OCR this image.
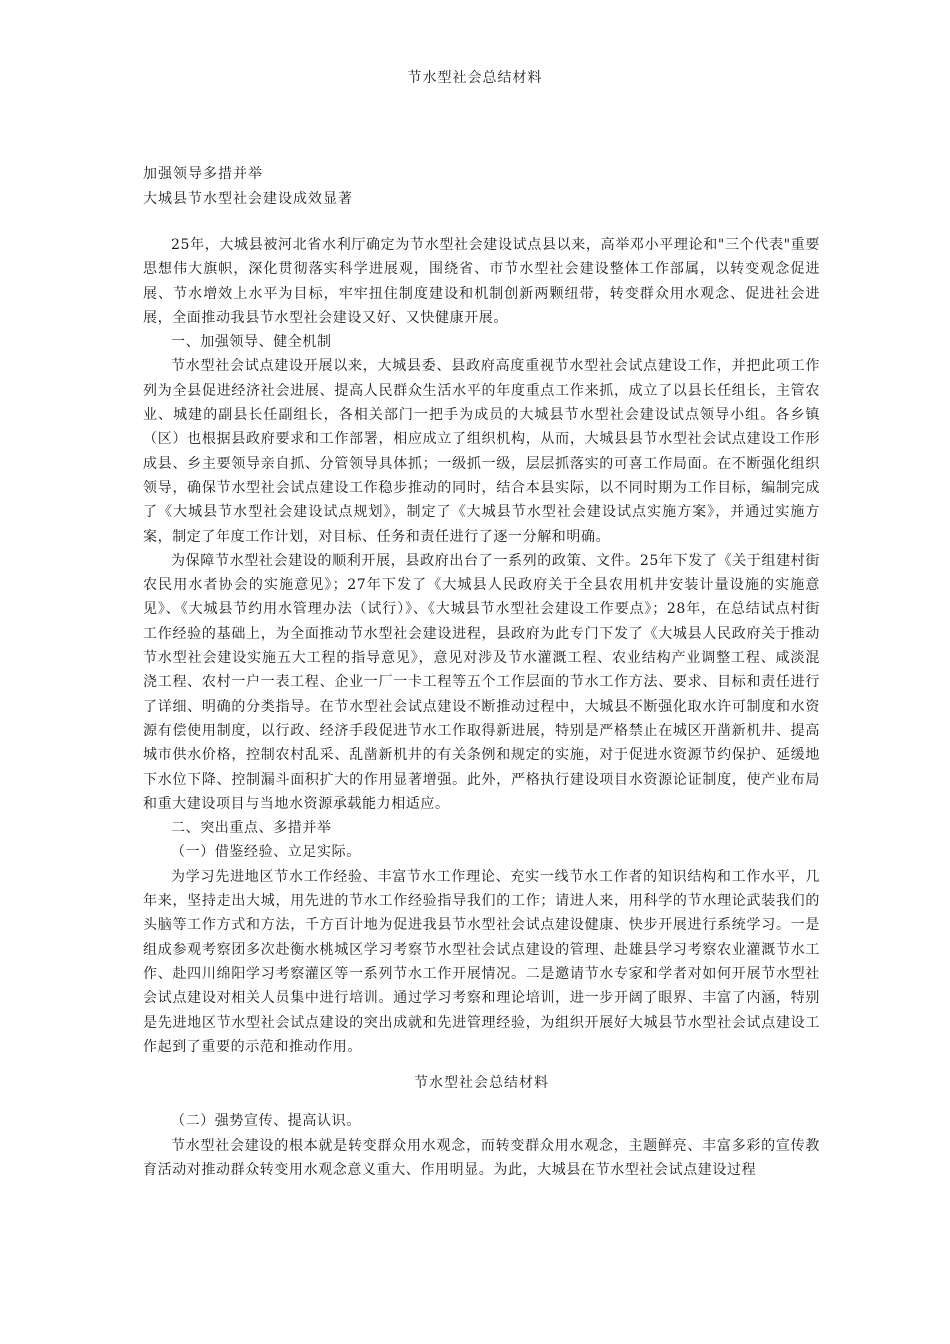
节水型社会总结材料
加强领导多措并举
大城县节水型社会建设成效显著

25年，大城县被河北省水利厅确定为节水型社会建设试点县以来，高举邓小平理论和"三个代表"重要思想伟大旗帜，深化贯彻落实科学进展观，围绕省、市节水型社会建设整体工作部属，以转变观念促进展、节水增效上水平为目标，牢牢扭住制度建设和机制创新两颗纽带，转变群众用水观念、促进社会进展，全面推动我县节水型社会建设又好、又快健康开展。

一、加强领导、健全机制

节水型社会试点建设开展以来，大城县委、县政府高度重视节水型社会试点建设工作，并把此项工作列为全县促进经济社会进展、提高人民群众生活水平的年度重点工作来抓，成立了以县长任组长，主管农业、城建的副县长任副组长，各相关部门一把手为成员的大城县节水型社会建设试点领导小组。各乡镇（区）也根据县政府要求和工作部署，相应成立了组织机构，从而，大城县县节水型社会试点建设工作形成县、乡主要领导亲自抓、分管领导具体抓；一级抓一级，层层抓落实的可喜工作局面。在不断强化组织领导，确保节水型社会试点建设工作稳步推动的同时，结合本县实际，以不同时期为工作目标，编制完成了《大城县节水型社会建设试点规划》，制定了《大城县节水型社会建设试点实施方案》，并通过实施方案，制定了年度工作计划，对目标、任务和责任进行了逐一分解和明确。

为保障节水型社会建设的顺利开展，县政府出台了一系列的政策、文件。25年下发了《关于组建村街农民用水者协会的实施意见》；27年下发了《大城县人民政府关于全县农用机井安装计量设施的实施意见》、《大城县节约用水管理办法（试行）》、《大城县节水型社会建设工作要点》；28年，在总结试点村街工作经验的基础上，为全面推动节水型社会建设进程，县政府为此专门下发了《大城县人民政府关于推动节水型社会建设实施五大工程的指导意见》，意见对涉及节水灌溉工程、农业结构产业调整工程、咸淡混浇工程、农村一户一表工程、企业一厂一卡工程等五个工作层面的节水工作方法、要求、目标和责任进行了详细、明确的分类指导。在节水型社会试点建设不断推动过程中，大城县不断强化取水许可制度和水资源有偿使用制度，以行政、经济手段促进节水工作取得新进展，特别是严格禁止在城区开凿新机井、提高城市供水价格，控制农村乱采、乱凿新机井的有关条例和规定的实施，对于促进水资源节约保护、延缓地下水位下降、控制漏斗面积扩大的作用显著增强。此外，严格执行建设项目水资源论证制度，使产业布局和重大建设项目与当地水资源承载能力相适应。

二、突出重点、多措并举

（一）借鉴经验、立足实际。

为学习先进地区节水工作经验、丰富节水工作理论、充实一线节水工作者的知识结构和工作水平，几年来，坚持走出大城，用先进的节水工作经验指导我们的工作；请进人来，用科学的节水理论武装我们的头脑等工作方式和方法，千方百计地为促进我县节水型社会试点建设健康、快步开展进行系统学习。一是组成参观考察团多次赴衡水桃城区学习考察节水型社会试点建设的管理、赴雄县学习考察农业灌溉节水工作、赴四川绵阳学习考察灌区等一系列节水工作开展情况。二是邀请节水专家和学者对如何开展节水型社会试点建设对相关人员集中进行培训。通过学习考察和理论培训，进一步开阔了眼界、丰富了内涵，特别是先进地区节水型社会试点建设的突出成就和先进管理经验，为组织开展好大城县节水型社会试点建设工作起到了重要的示范和推动作用。

节水型社会总结材料

（二）强势宣传、提高认识。

节水型社会建设的根本就是转变群众用水观念，而转变群众用水观念，主题鲜亮、丰富多彩的宣传教育活动对推动群众转变用水观念意义重大、作用明显。为此，大城县在节水型社会试点建设过程
